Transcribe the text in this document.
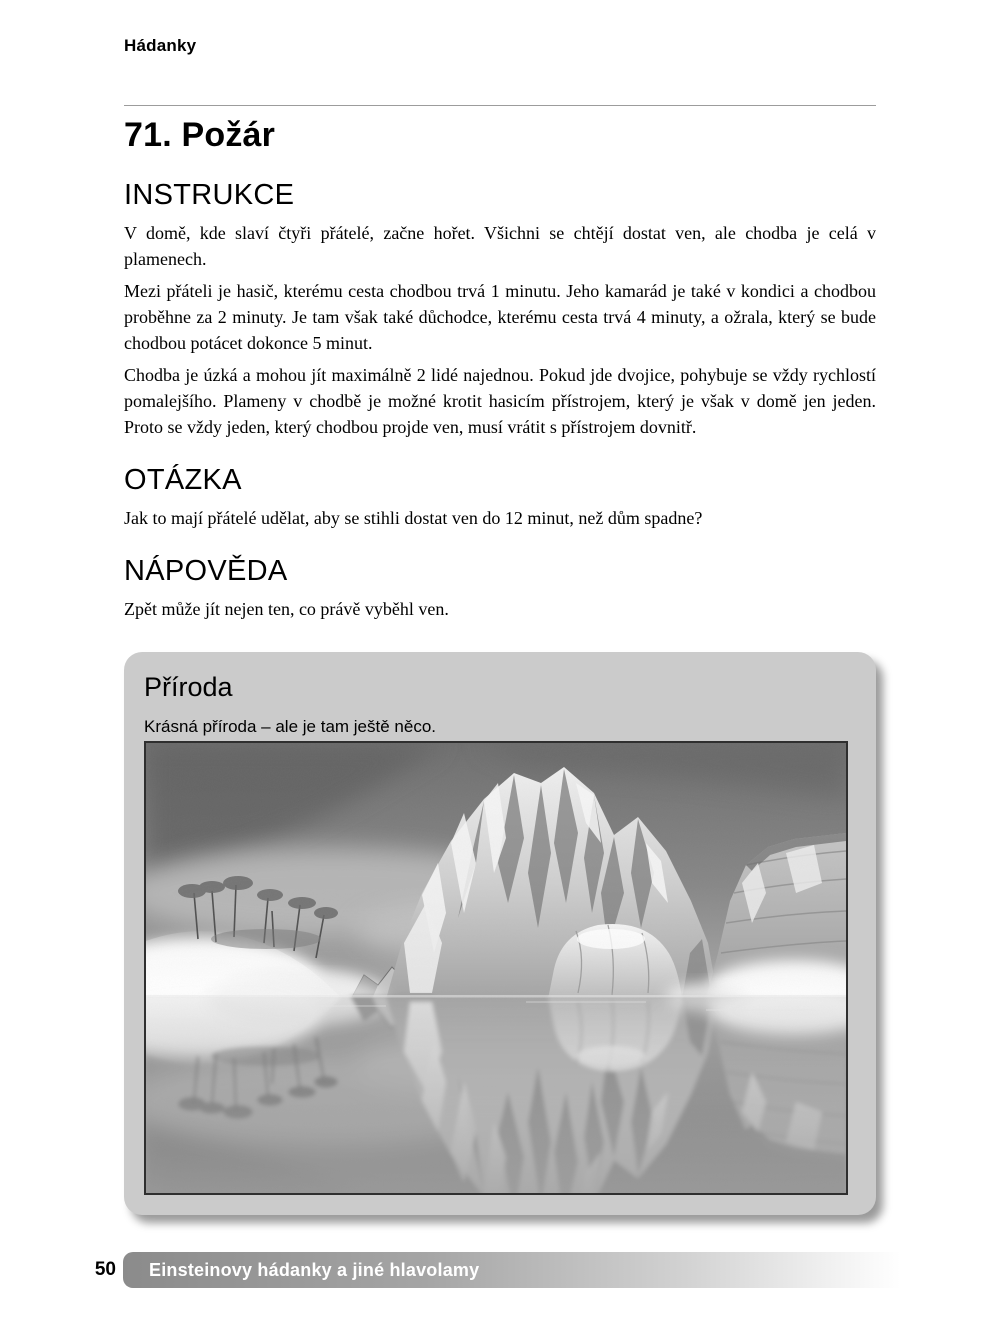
Hádanky
71. Požár
INSTRUKCE

V domě, kde slaví čtyři přátelé, začne hořet. Všichni se chtějí dostat ven, ale chodba je celá v plamenech.

Mezi přáteli je hasič, kterému cesta chodbou trvá 1 minutu. Jeho kamarád je také v kondici a chodbou proběhne za 2 minuty. Je tam však také důchodce, kterému cesta trvá 4 minuty, a ožrala, který se bude chodbou potácet dokonce 5 minut.

Chodba je úzká a mohou jít maximálně 2 lidé najednou. Pokud jde dvojice, pohybuje se vždy rychlostí pomalejšího. Plameny v chodbě je možné krotit hasicím přístrojem, který je však v domě jen jeden. Proto se vždy jeden, který chodbou projde ven, musí vrátit s přístrojem dovnitř.

OTÁZKA

Jak to mají přátelé udělat, aby se stihli dostat ven do 12 minut, než dům spadne?

NÁPOVĚDA

Zpět může jít nejen ten, co právě vyběhl ven.

Příroda
Krásná příroda – ale je tam ještě něco.
50	Einsteinovy hádanky a jiné hlavolamy
